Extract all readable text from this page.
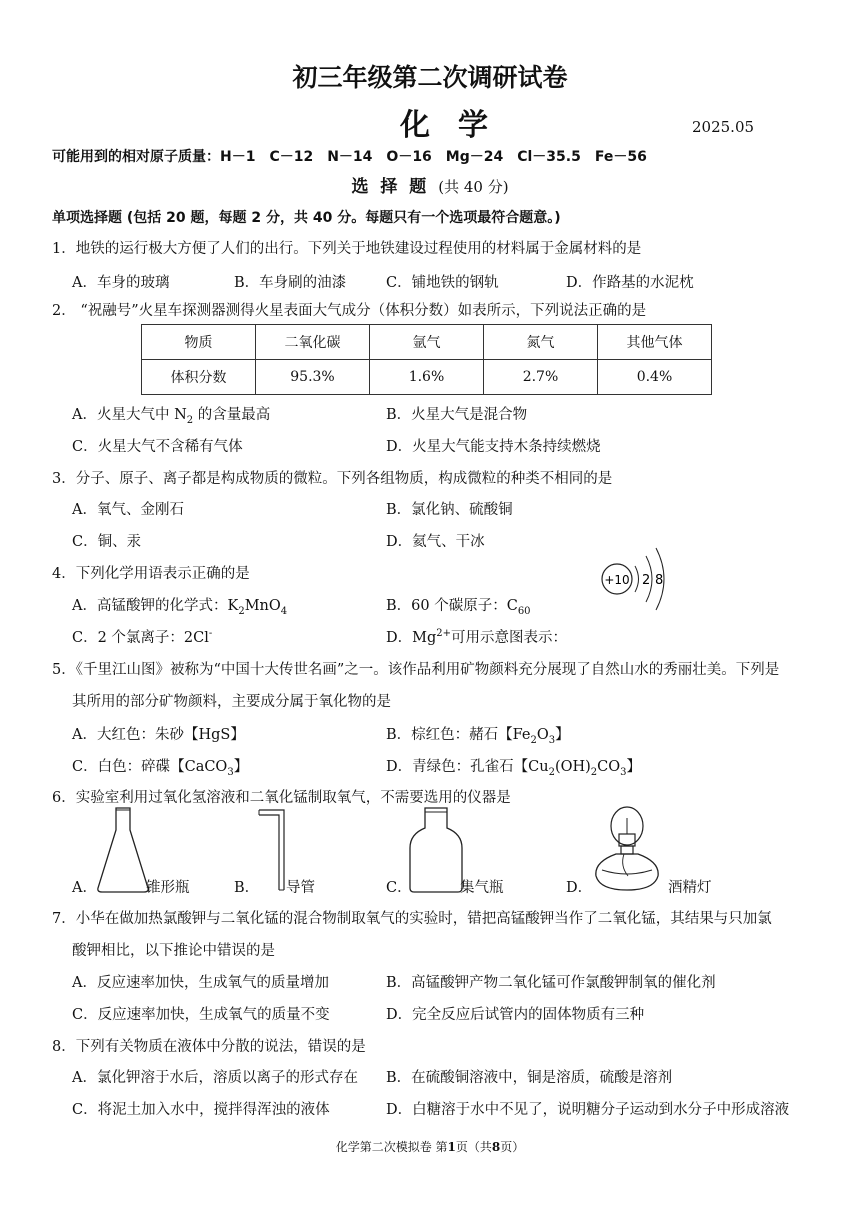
初三年级第二次调研试卷
化学	2025.05
可能用到的相对原子质量：H－1　C－12　N－14　O－16　Mg－24　Cl－35.5　Fe－56
选 择 题 (共 40 分)
单项选择题 (包括 20 题，每题 2 分，共 40 分。每题只有一个选项最符合题意。)
1．地铁的运行极大方便了人们的出行。下列关于地铁建设过程使用的材料属于金属材料的是
A．车身的玻璃	B．车身刷的油漆	C．铺地铁的钢轨	D．作路基的水泥枕
2． “祝融号”火星车探测器测得火星表面大气成分（体积分数）如表所示，下列说法正确的是
物质	二氧化碳	氩气	氮气	其他气体
体积分数	95.3%	1.6%	2.7%	0.4%
A．火星大气中 $N_2$ 的含量最高	B．火星大气是混合物
C．火星大气不含稀有气体	D．火星大气能支持木条持续燃烧
3．分子、原子、离子都是构成物质的微粒。下列各组物质，构成微粒的种类不相同的是
A．氧气、金刚石	B．氯化钠、硫酸铜
C．铜、汞	D．氦气、干冰
4．下列化学用语表示正确的是
A．高锰酸钾的化学式：$K_2MnO_4$	B．60 个碳原子：$C_{60}$
C．2 个氯离子：2Cl-	D．$Mg^{2+}$可用示意图表示：
+10 2 8
5．《千里江山图》被称为“中国十大传世名画”之一。该作品利用矿物颜料充分展现了自然山水的秀丽壮美。下列是
其所用的部分矿物颜料，主要成分属于氧化物的是
A．大红色：朱砂【HgS】	B．棕红色：赭石【$Fe_2O_3$】
C．白色：碎碟【CaCO$_3$】	D．青绿色：孔雀石【$Cu_2(OH)_2CO_3$】
6．实验室利用过氧化氢溶液和二氧化锰制取氧气，不需要选用的仪器是
A．	锥形瓶	B． 导管	C．	集气瓶	D．	酒精灯
7．小华在做加热氯酸钾与二氧化锰的混合物制取氧气的实验时，错把高锰酸钾当作了二氧化锰，其结果与只加氯
酸钾相比，以下推论中错误的是
A．反应速率加快，生成氧气的质量增加	B．高锰酸钾产物二氧化锰可作氯酸钾制氧的催化剂
C．反应速率加快，生成氧气的质量不变	D．完全反应后试管内的固体物质有三种
8．下列有关物质在液体中分散的说法，错误的是
A．氯化钾溶于水后，溶质以离子的形式存在 B．在硫酸铜溶液中，铜是溶质，硫酸是溶剂
C．将泥土加入水中，搅拌得浑浊的液体	D．白糖溶于水中不见了，说明糖分子运动到水分子中形成溶液
化学第二次模拟卷 第1页（共8页）
